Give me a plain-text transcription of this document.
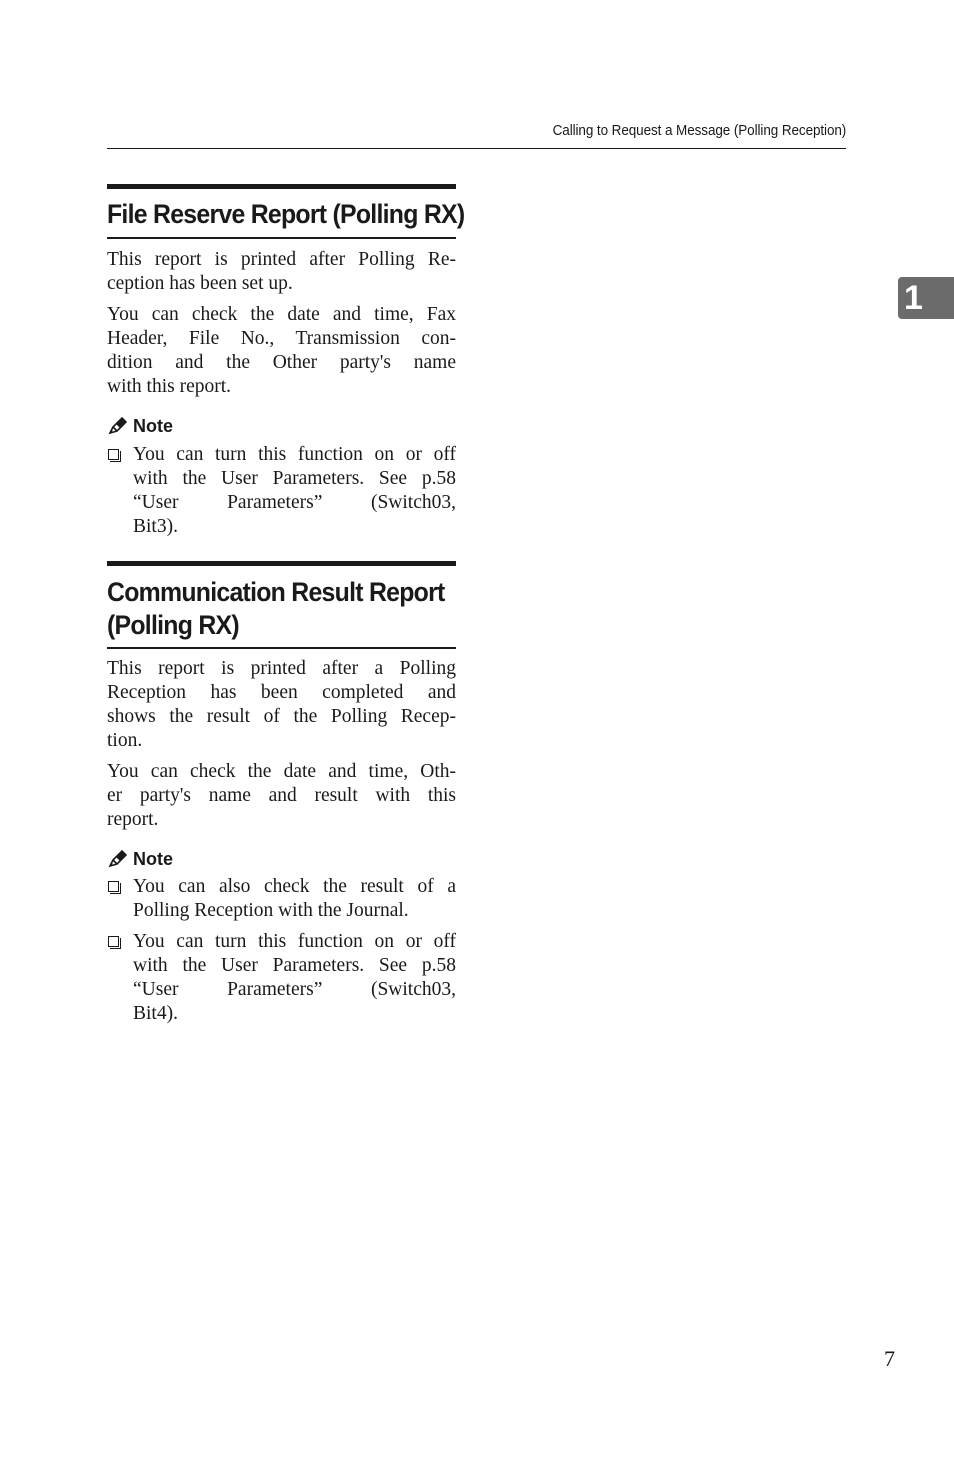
Calling to Request a Message (Polling Reception)
1
File Reserve Report (Polling RX)
This report is printed after Polling Re-
ception has been set up.
You can check the date and time, Fax
Header, File No., Transmission con-
dition and the Other party's name
with this report.
Note
You can turn this function on or off
with the User Parameters. See p.58
“User Parameters” (Switch03,
Bit3).
Communication Result Report
(Polling RX)
This report is printed after a Polling
Reception has been completed and
shows the result of the Polling Recep-
tion.
You can check the date and time, Oth-
er party's name and result with this
report.
Note
You can also check the result of a
Polling Reception with the Journal.
You can turn this function on or off
with the User Parameters. See p.58
“User Parameters” (Switch03,
Bit4).
7
